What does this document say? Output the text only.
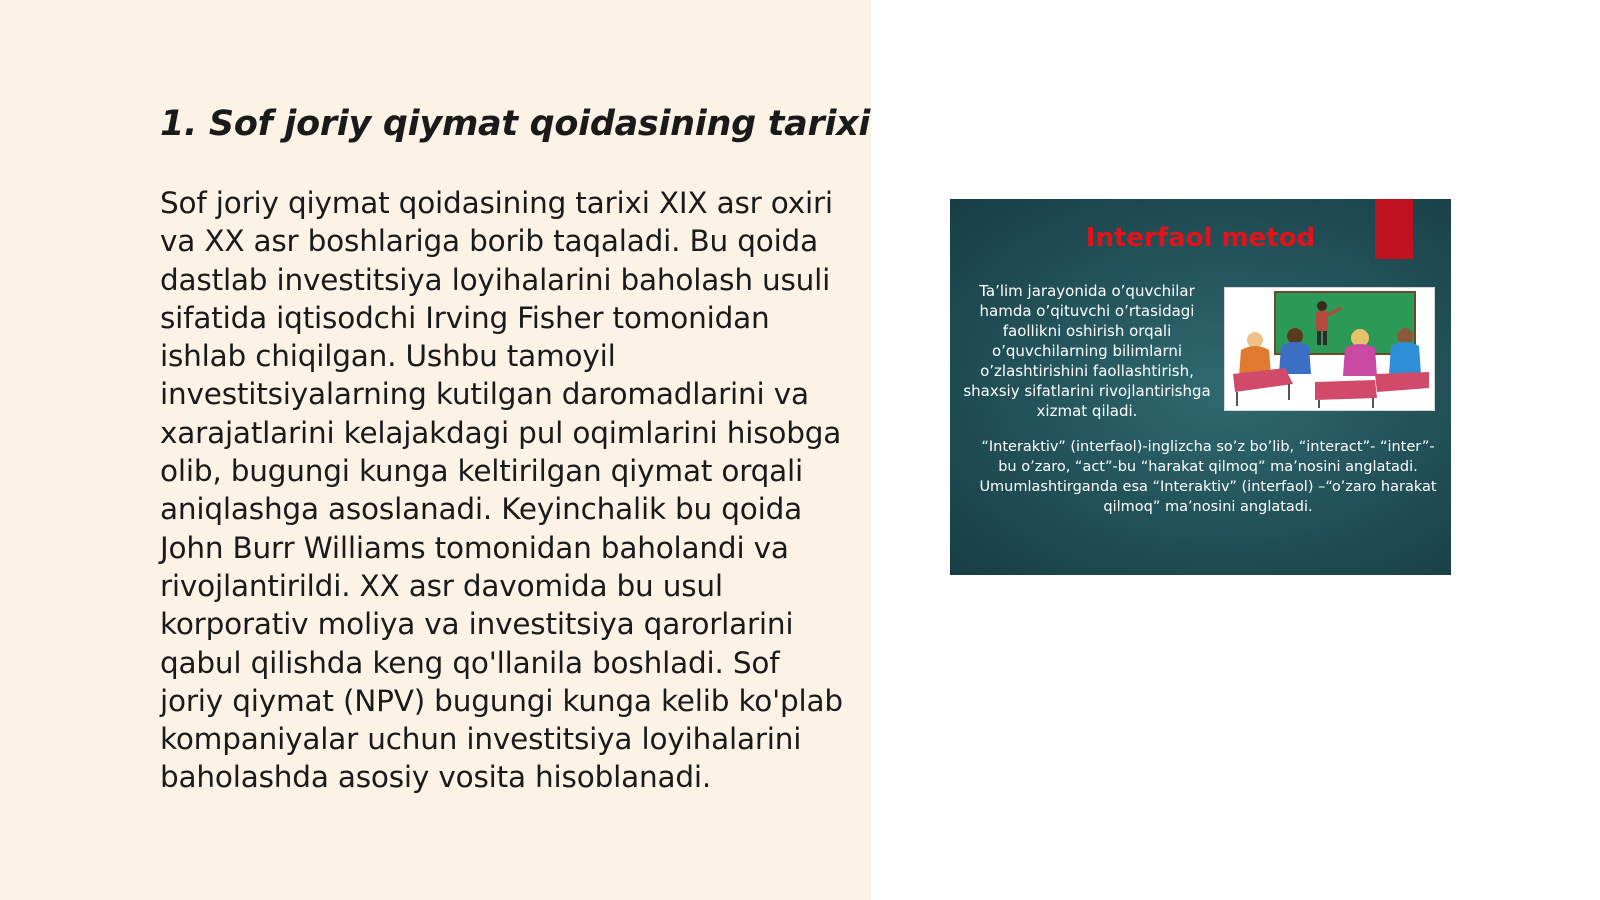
1. Sof joriy qiymat qoidasining tarixi

Sof joriy qiymat qoidasining tarixi XIX asr oxiri va XX asr boshlariga borib taqaladi. Bu qoida dastlab investitsiya loyihalarini baholash usuli sifatida iqtisodchi Irving Fisher tomonidan ishlab chiqilgan. Ushbu tamoyil investitsiyalarning kutilgan daromadlarini va xarajatlarini kelajakdagi pul oqimlarini hisobga olib, bugungi kunga keltirilgan qiymat orqali aniqlashga asoslanadi. Keyinchalik bu qoida John Burr Williams tomonidan baholandi va rivojlantirildi. XX asr davomida bu usul korporativ moliya va investitsiya qarorlarini qabul qilishda keng qo'llanila boshladi. Sof joriy qiymat (NPV) bugungi kunga kelib ko'plab kompaniyalar uchun investitsiya loyihalarini baholashda asosiy vosita hisoblanadi.

Interfaol metod

Ta’lim jarayonida o’quvchilar hamda o’qituvchi o’rtasidagi faollikni oshirish orqali o’quvchilarning bilimlarni o’zlashtirishini faollashtirish, shaxsiy sifatlarini rivojlantirishga xizmat qiladi.

“Interaktiv” (interfaol)-inglizcha so’z bo’lib, “interact”- “inter”-bu o’zaro, “act”-bu “harakat qilmoq” ma’nosini anglatadi. Umumlashtirganda esa “Interaktiv” (interfaol) –“o’zaro harakat qilmoq” ma’nosini anglatadi.
